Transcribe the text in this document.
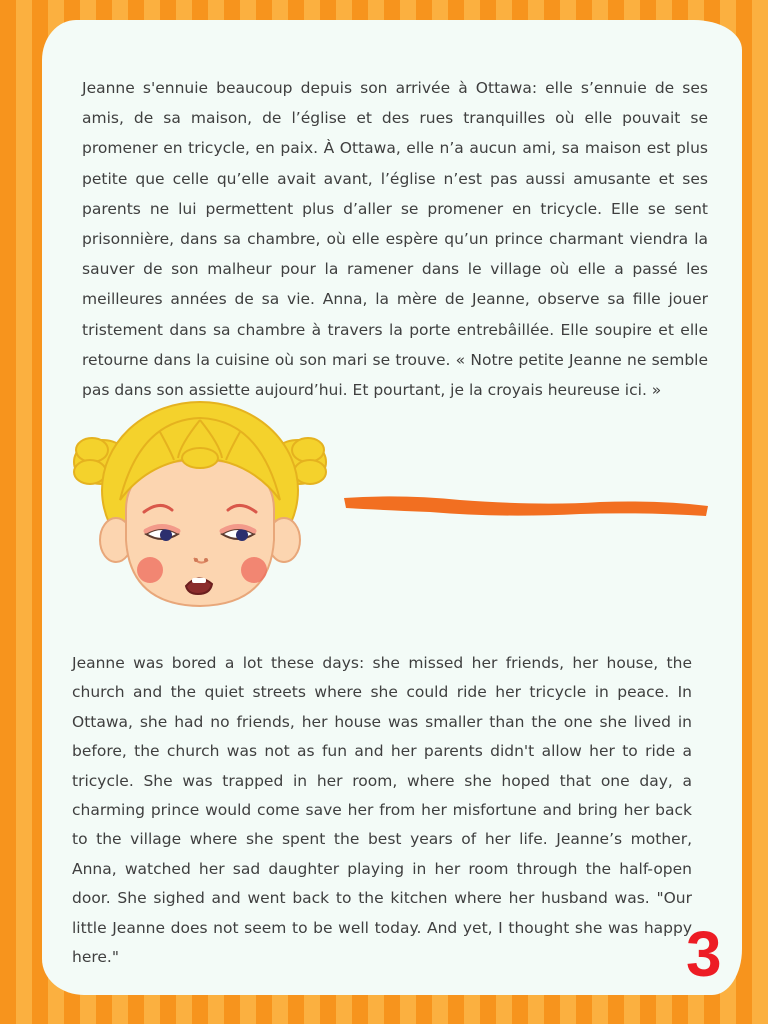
Jeanne s'ennuie beaucoup depuis son arrivée à Ottawa: elle s’ennuie de ses amis, de sa maison, de l’église et des rues tranquilles où elle pouvait se promener en tricycle, en paix. À Ottawa, elle n’a aucun ami, sa maison est plus petite que celle qu’elle avait avant, l’église n’est pas aussi amusante et ses parents ne lui permettent plus d’aller se promener en tricycle. Elle se sent prisonnière, dans sa chambre, où elle espère qu’un prince charmant viendra la sauver de son malheur pour la ramener dans le village où elle a passé les meilleures années de sa vie. Anna, la mère de Jeanne, observe sa fille jouer tristement dans sa chambre à travers la porte entrebâillée. Elle soupire et elle retourne dans la cuisine où son mari se trouve. « Notre petite Jeanne ne semble pas dans son assiette aujourd’hui. Et pourtant, je la croyais heureuse ici. »

Jeanne was bored a lot these days: she missed her friends, her house, the church and the quiet streets where she could ride her tricycle in peace. In Ottawa, she had no friends, her house was smaller than the one she lived in before, the church was not as fun and her parents didn't allow her to ride a tricycle. She was trapped in her room, where she hoped that one day, a charming prince would come save her from her misfortune and bring her back to the village where she spent the best years of her life. Jeanne’s mother, Anna, watched her sad daughter playing in her room through the half-open door. She sighed and went back to the kitchen where her husband was. "Our little Jeanne does not seem to be well today. And yet, I thought she was happy here."	3
